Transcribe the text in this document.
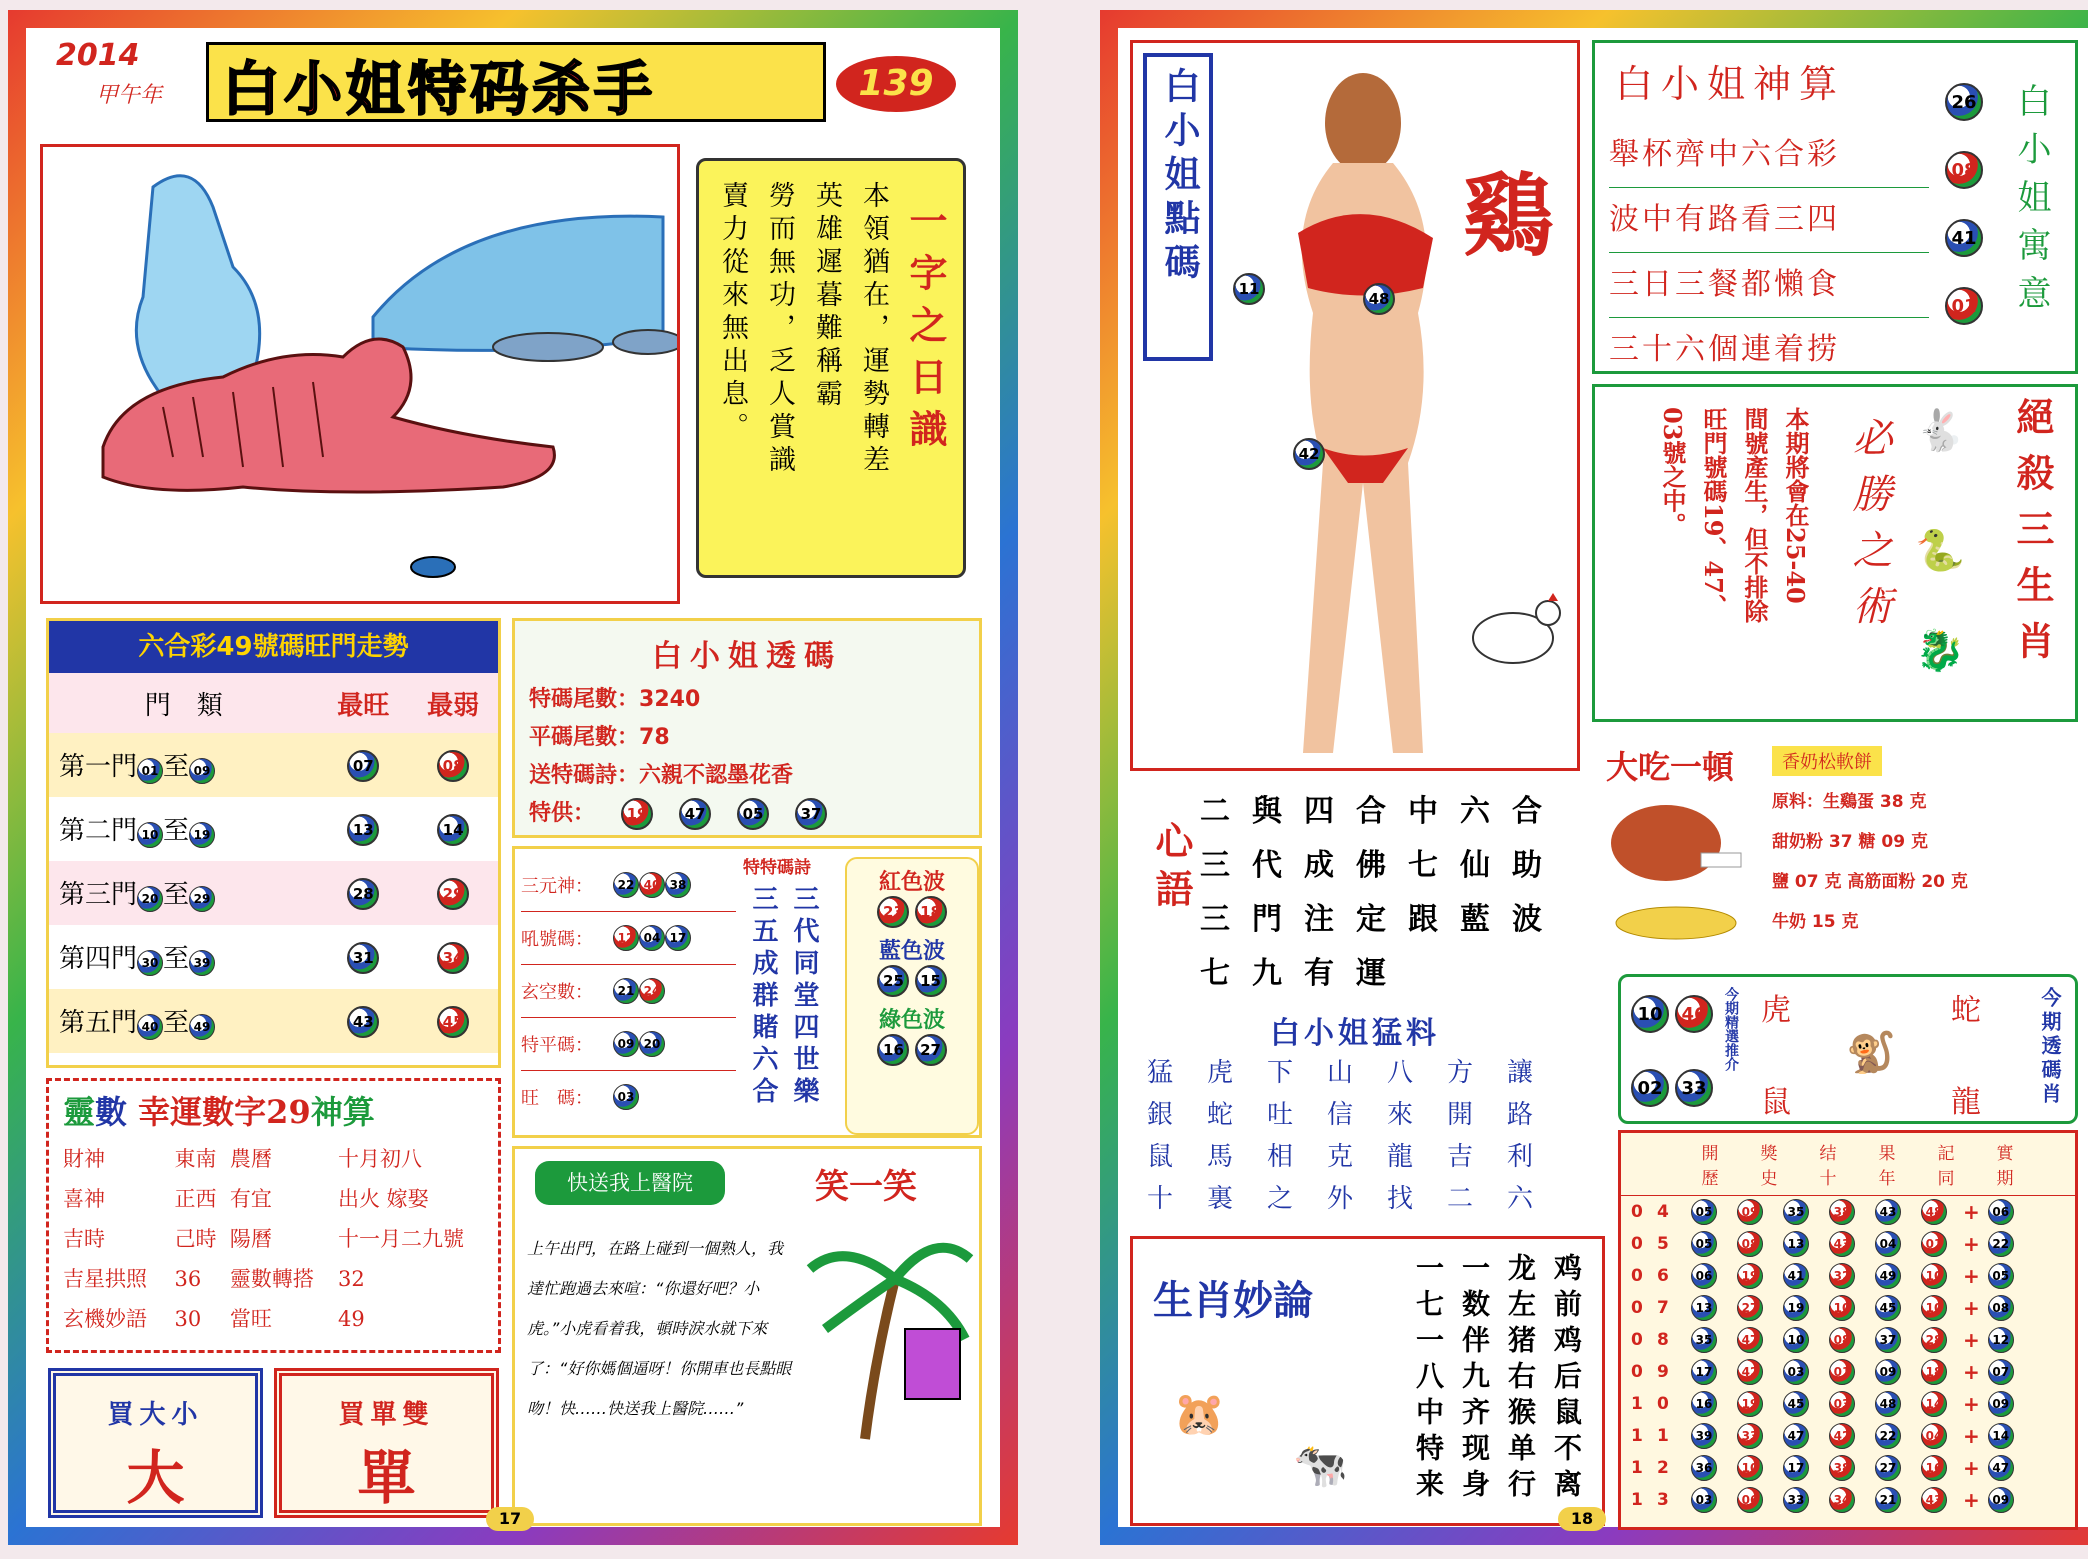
2014
甲午年 白小姐特码杀手	139
一字之日識
本領猶在，運勢轉差
英雄遲暮難稱霸
勞而無功，乏人賞識
賣力從來無出息。
六合彩49號碼旺門走勢
門　類	最旺	最弱
第一門 01 至 09	07	08
第二門 10 至 19	13	14
第三門 20 至 29	28	29
第四門 30 至 39	31	34
第五門 40 至 49	43	45
白小姐透碼
特碼尾數：3240
平碼尾數：78
送特碼詩：六親不認墨花香
特供：	19	47	05	37
三元神：	22 40 38
吼號碼：	12 04 17
玄空數：	21 24
特平碼：	09 20
旺　碼：	03
特特碼詩
三代同堂四世樂
三五成群賭六合
紅色波
23 18
藍色波
25 15
綠色波
16 27
靈數 幸運數字29神算
財神	東南	農曆	十月初八
喜神	正西	有宜	出火 嫁娶
吉時	己時	陽曆	十一月二九號
吉星拱照	36	靈數轉搭	32
玄機妙語	30	當旺	49
買大小
大
買單雙
單
快送我上醫院	笑一笑
上午出門，在路上碰到一個熟人，我達忙跑過去來喧：“你還好吧？小虎。”小虎看着我，頓時淚水就下來了：“好你媽個逼呀！你開車也長點眼吻！快……快送我上醫院……”
17
白小姐點碼	鷄
11
48
42
心語
二與四合中六合
三代成佛七仙助
三門注定跟藍波
七九有運
白小姐神算
舉杯齊中六合彩
波中有路看三四
三日三餐都懶食
三十六個連着捞
26
08
41
01 白小姐寓意
本期將會在25-40
間號產生，但不排除
旺門號碼19、47、
03號之中。	必勝之術 🐇
🐍
🐉 絕殺三生肖
大吃一頓	香奶松軟餅
原料：生鷄蛋 38 克
甜奶粉 37 糖 09 克
鹽 07 克 高筋面粉 20 克
牛奶 15 克
白小姐猛料
猛	虎	下	山	八	方	讓
銀	蛇	吐	信	來	開	路
鼠	馬	相	克	龍	吉	利
十	裏	之	外	找	二	六
10	46
02	33
今期精選推介 虎	蛇
鼠	龍
🐒	今期透碼肖
開歷
獎史
结十
果年
記同
實期
0 4	05	09	35	38	43	48 +	06
0 5	05	08	13	43	04	01 +	22
0 6	06	19	41	32	49	10 +	05
0 7	13	27	19	10	45	10 +	08
0 8	35	47	10	08	37	28 +	12
0 9	17	42	03	01	09	18 +	07
1 0	16	19	45	03	48	14 +	09
1 1	39	33	47	42	22	04 +	14
1 2	36	10	17	38	27	16 +	47
1 3	03	06	33	34	21	43 +	09
生肖妙論	鸡前鸡后鼠不离
龙左猪右猴单行
一数伴九齐现身
一七一八中特来
🐹
🐄
18
